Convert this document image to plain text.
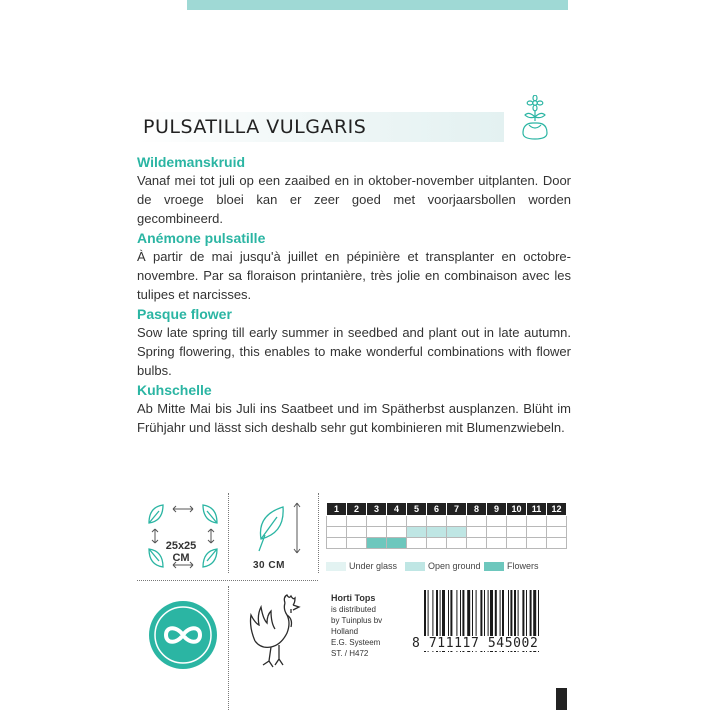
PULSATILLA VULGARIS
Wildemanskruid
Vanaf mei tot juli op een zaaibed en in oktober-november uitplanten. Door de vroege bloei kan er zeer goed met voorjaarsbollen worden gecombineerd.
Anémone pulsatille
À partir de mai jusqu'à juillet en pépinière et transplanter en octobre-novembre. Par sa floraison printanière, très jolie en combinaison avec les tulipes et narcisses.
Pasque flower
Sow late spring till early summer in seedbed and plant out in late autumn. Spring flowering, this enables to make wonderful combinations with flower bulbs.
Kuhschelle
Ab Mitte Mai bis Juli ins Saatbeet und im Spätherbst ausplanzen. Blüht im Frühjahr und lässt sich deshalb sehr gut kombinieren mit Blumenzwiebeln.
25x25
CM
30 CM
1	2	3	4	5	6	7	8	9	10	11	12

Under glass	Open ground	Flowers
Horti Tops
is distributed
by Tuinplus bv
Holland
E.G. Systeem
ST. / H472
8 711117 545002
